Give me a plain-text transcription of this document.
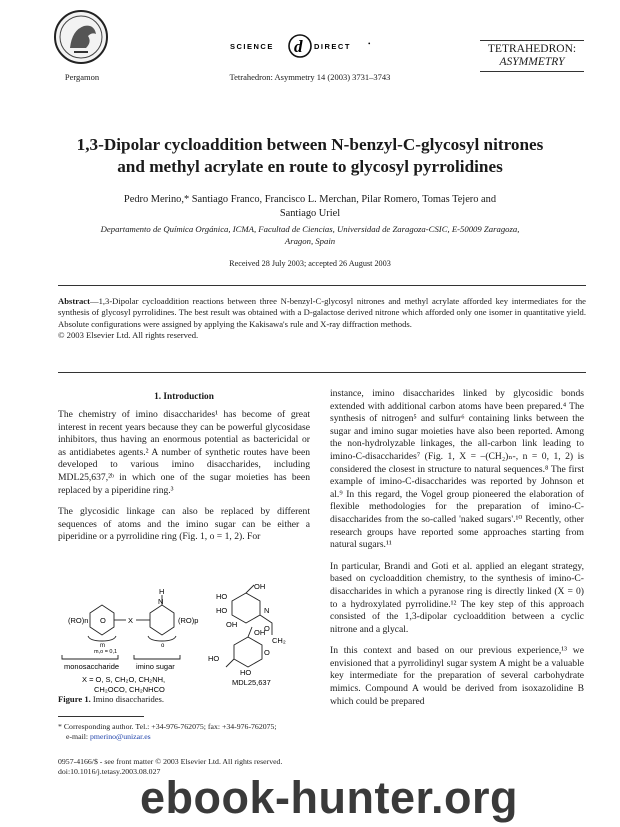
Pergamon
SCIENCE d DIRECT •
Tetrahedron: Asymmetry 14 (2003) 3731–3743
TETRAHEDRON:
ASYMMETRY
1,3-Dipolar cycloaddition between N-benzyl-C-glycosyl nitrones
and methyl acrylate en route to glycosyl pyrrolidines
Pedro Merino,* Santiago Franco, Francisco L. Merchan, Pilar Romero, Tomas Tejero and
Santiago Uriel
Departamento de Química Orgánica, ICMA, Facultad de Ciencias, Universidad de Zaragoza-CSIC, E-50009 Zaragoza,
Aragon, Spain
Received 28 July 2003; accepted 26 August 2003

Abstract—1,3-Dipolar cycloaddition reactions between three N-benzyl-C-glycosyl nitrones and methyl acrylate afforded key intermediates for the synthesis of glycosyl pyrrolidines. The best result was obtained with a D-galactose derived nitrone which afforded only one isomer in quantitative yield. Absolute configurations were assigned by applying the Kakisawa's rule and X-ray diffraction methods.

© 2003 Elsevier Ltd. All rights reserved.

1. Introduction

The chemistry of imino disaccharides¹ has become of great interest in recent years because they can be powerful glycosidase inhibitors, thus having an enormous potential as bactericidal or as antidiabetes agents.² A number of synthetic routes have been developed to various imino disaccharides, including MDL25,637,²ᵇ in which one of the sugar moieties has been replaced by a piperidine ring.³

The glycosidic linkage can also be replaced by different sequences of atoms and the imino sugar can be either a piperidine or a pyrrolidine ring (Fig. 1, o = 1, 2). For

instance, imino disaccharides linked by glycosidic bonds extended with additional carbon atoms have been prepared.⁴ The synthesis of nitrogen⁵ and sulfur⁶ containing links between the sugar and imino sugar moieties have also been reported. Among the non-hydrolyzable linkages, the all-carbon link leading to imino-C-disaccharides⁷ (Fig. 1, X = –(CH₂)ₙ-, n = 0, 1, 2) is considered the closest in structure to natural sequences.⁸ The first example of imino-C-disaccharides was reported by Johnson et al.⁹ In this regard, the Vogel group pioneered the elaboration of flexible methodologies for the preparation of imino-C-disaccharides from the so-called 'naked sugars'.¹⁰ Recently, other research groups have reported some approaches starting from natural sugars.¹¹

In particular, Brandi and Goti et al. applied an elegant strategy, based on cycloaddition chemistry, to the synthesis of imino-C-disaccharides in which a pyranose ring is directly linked (X = 0) to a hydroxylated pyrrolidine.¹² The key step of this approach consisted of the 1,3-dipolar cycloaddition between a cyclic nitrone and a glycal.

In this context and based on our previous experience,¹³ we envisioned that a pyrrolidinyl sugar system A might be a valuable key intermediate for the preparation of several carbohydrate mimics. Compound A would be derived from isoxazolidine B which could be prepared

(RO)n	(RO)p
O	X
H
N
m
m,o = 0,1
o
monosaccharide imino sugar
X = O, S, CH₂O, CH₂NH,
CH₂OCO, CH₂NHCO
OH
HO
HO	N
OH	O
CH₂
OH
HO
O
HO
MDL25,637
Figure 1. Imino disaccharides.
* Corresponding author. Tel.: +34-976-762075; fax: +34-976-762075;
e-mail: pmerino@unizar.es
0957-4166/$ - see front matter © 2003 Elsevier Ltd. All rights reserved.
doi:10.1016/j.tetasy.2003.08.027
ebook-hunter.org
